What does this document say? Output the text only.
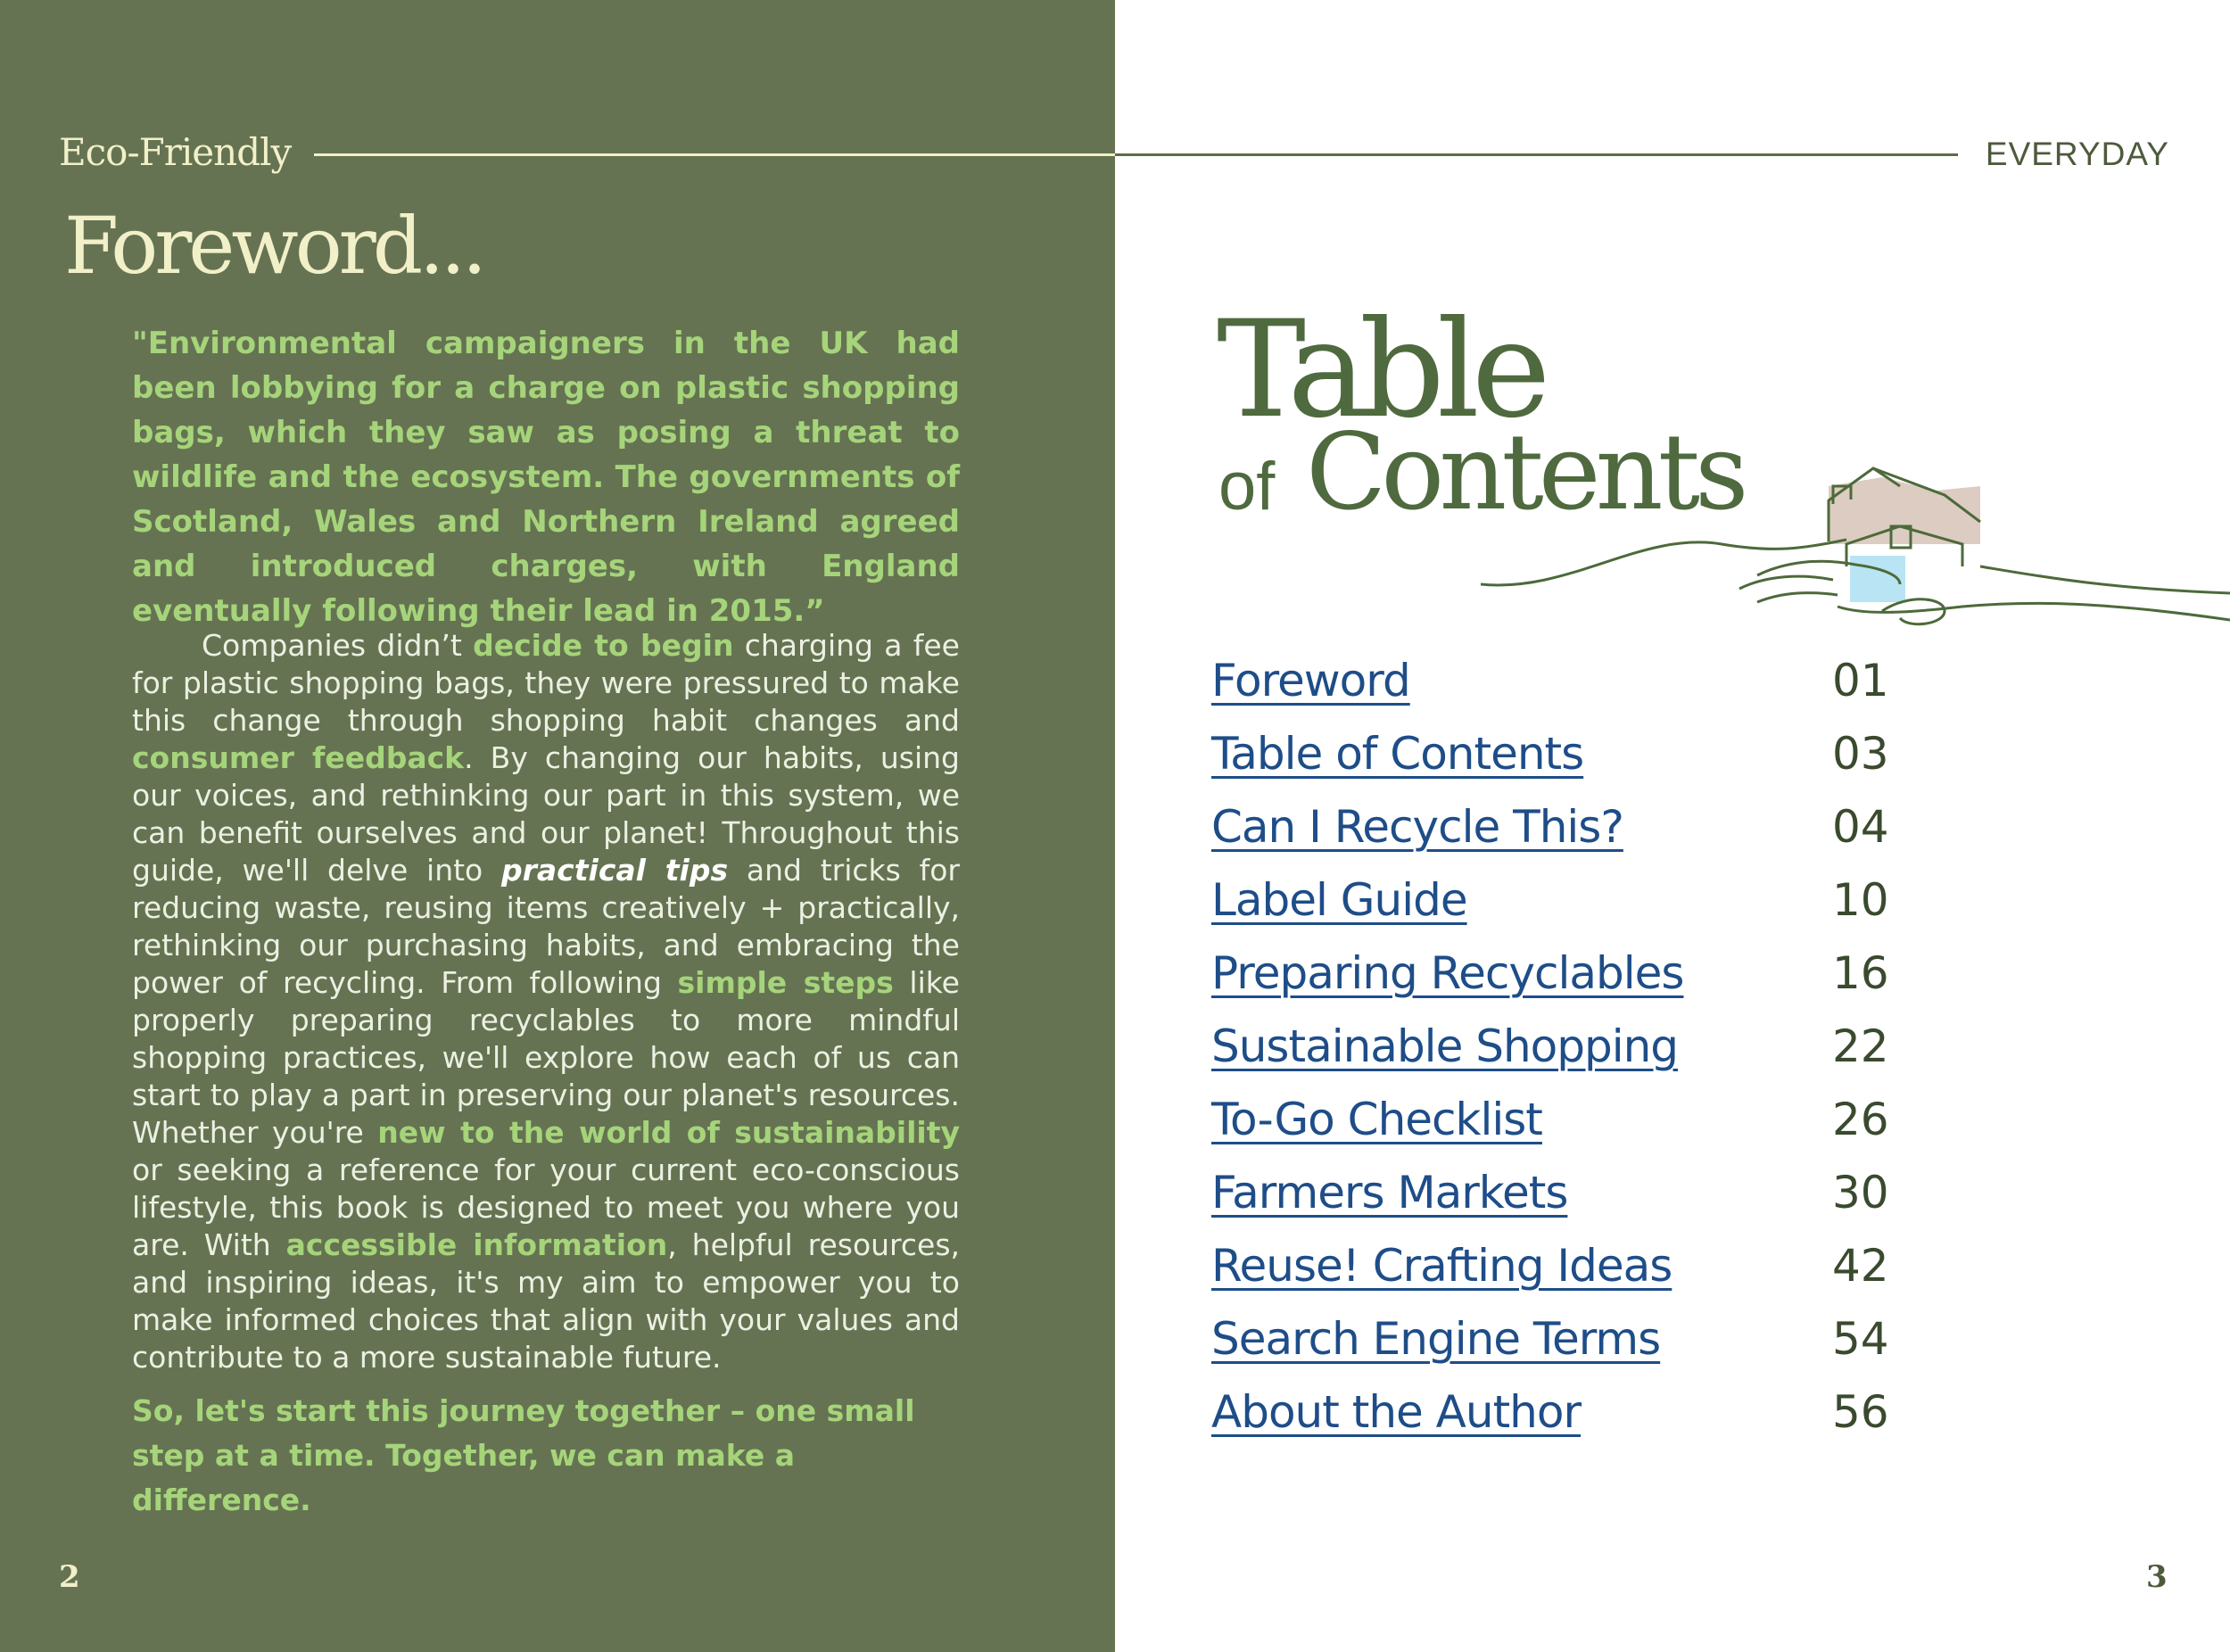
"Environmental campaigners in the UK had been lobbying for a charge on plastic shopping bags, which they saw as posing a threat to wildlife and the ecosystem. The governments of Scotland, Wales and Northern Ireland agreed and introduced charges, with England eventually following their lead in 2015.”
Companies didn’t decide to begin charging a fee for plastic shopping bags, they were pressured to make this change through shopping habit changes and consumer feedback. By changing our habits, using our voices, and rethinking our part in this system, we can benefit ourselves and our planet! Throughout this guide, we'll delve into practical tips and tricks for reducing waste, reusing items creatively + practically, rethinking our purchasing habits, and embracing the power of recycling. From following simple steps like properly preparing recyclables to more mindful shopping practices, we'll explore how each of us can start to play a part in preserving our planet's resources. Whether you're new to the world of sustainability or seeking a reference for your current eco-conscious lifestyle, this book is designed to meet you where you are. With accessible information, helpful resources, and inspiring ideas, it's my aim to empower you to make informed choices that align with your values and contribute to a more sustainable future.
So, let's start this journey together – one small step at a time. Together, we can make a difference.
Foreword...
2	3
Eco-Friendly	EVERYDAY
Table
of Contents
Foreword	01
Table of Contents	03
Can I Recycle This?	04
Label Guide	10
Preparing Recyclables	16
Sustainable Shopping	22
To-Go Checklist	26
Farmers Markets	30
Reuse! Crafting Ideas	42
Search Engine Terms	54
About the Author	56
